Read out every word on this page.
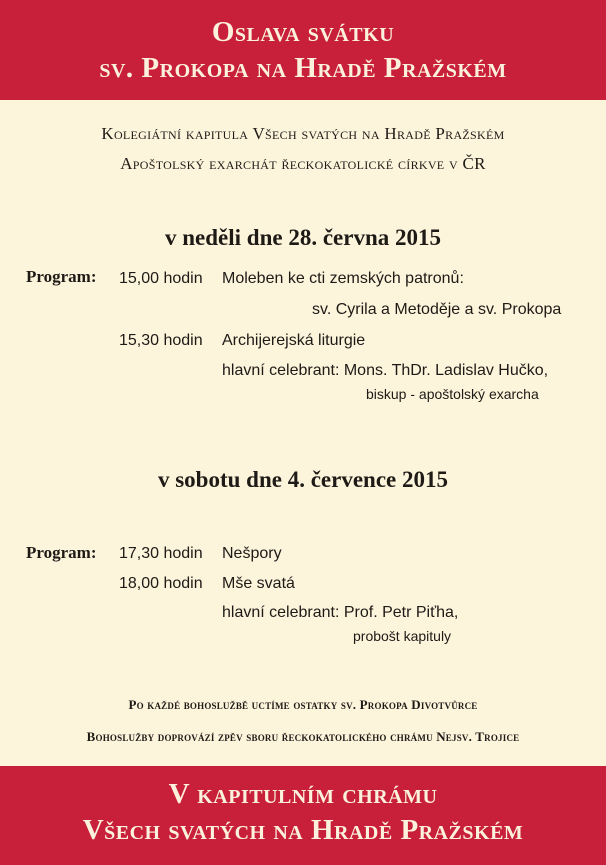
Oslava svátku
sv. Prokopa na Hradě Pražském
Kolegiátní kapitula Všech svatých na Hradě Pražském
Apoštolský exarchát řeckokatolické církve v ČR
v neděli dne 28. června 2015
Program: 15,00 hodin Moleben ke cti zemských patronů:
sv. Cyrila a Metoděje a sv. Prokopa
15,30 hodin Archijerejská liturgie
hlavní celebrant: Mons. ThDr. Ladislav Hučko,
biskup - apoštolský exarcha
v sobotu dne 4. července 2015
Program: 17,30 hodin Nešpory
18,00 hodin Mše svatá
hlavní celebrant: Prof. Petr Piťha,
probošt kapituly
Po každé bohoslužbě uctíme ostatky sv. Prokopa Divotvůrce
Bohoslužby doprovází zpěv sboru řeckokatolického chrámu Nejsv. Trojice
V kapitulním chrámu
Všech svatých na Hradě Pražském
